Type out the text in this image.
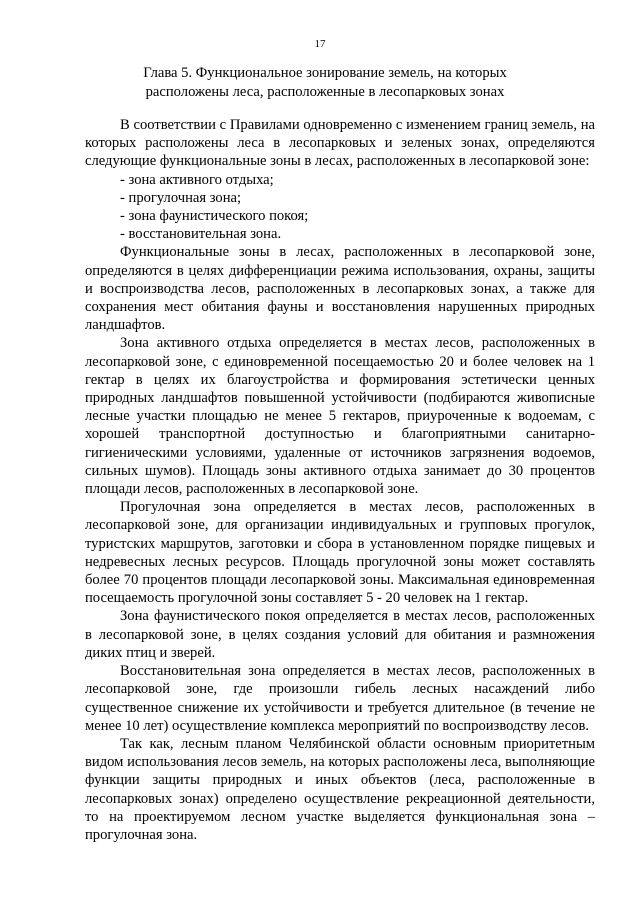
17
Глава 5. Функциональное зонирование земель, на которых
расположены леса, расположенные в лесопарковых зонах

В соответствии с Правилами одновременно с изменением границ земель, на которых расположены леса в лесопарковых и зеленых зонах, определяются следующие функциональные зоны в лесах, расположенных в лесопарковой зоне:

- зона активного отдыха;

- прогулочная зона;

- зона фаунистического покоя;

- восстановительная зона.

Функциональные зоны в лесах, расположенных в лесопарковой зоне, определяются в целях дифференциации режима использования, охраны, защиты и воспроизводства лесов, расположенных в лесопарковых зонах, а также для сохранения мест обитания фауны и восстановления нарушенных природных ландшафтов.

Зона активного отдыха определяется в местах лесов, расположенных в лесопарковой зоне, с единовременной посещаемостью 20 и более человек на 1 гектар в целях их благоустройства и формирования эстетически ценных природных ландшафтов повышенной устойчивости (подбираются живописные лесные участки площадью не менее 5 гектаров, приуроченные к водоемам, с хорошей транспортной доступностью и благоприятными санитарно-гигиеническими условиями, удаленные от источников загрязнения водоемов, сильных шумов). Площадь зоны активного отдыха занимает до 30 процентов площади лесов, расположенных в лесопарковой зоне.

Прогулочная зона определяется в местах лесов, расположенных в лесопарковой зоне, для организации индивидуальных и групповых прогулок, туристских маршрутов, заготовки и сбора в установленном порядке пищевых и недревесных лесных ресурсов. Площадь прогулочной зоны может составлять более 70 процентов площади лесопарковой зоны. Максимальная единовременная посещаемость прогулочной зоны составляет 5 - 20 человек на 1 гектар.

Зона фаунистического покоя определяется в местах лесов, расположенных в лесопарковой зоне, в целях создания условий для обитания и размножения диких птиц и зверей.

Восстановительная зона определяется в местах лесов, расположенных в лесопарковой зоне, где произошли гибель лесных насаждений либо существенное снижение их устойчивости и требуется длительное (в течение не менее 10 лет) осуществление комплекса мероприятий по воспроизводству лесов.

Так как, лесным планом Челябинской области основным приоритетным видом использования лесов земель, на которых расположены леса, выполняющие функции защиты природных и иных объектов (леса, расположенные в лесопарковых зонах) определено осуществление рекреационной деятельности, то на проектируемом лесном участке выделяется функциональная зона – прогулочная зона.
